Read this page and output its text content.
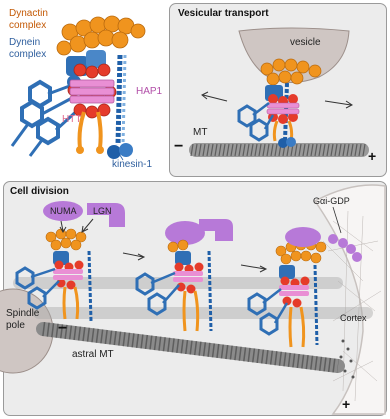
Dynactin
complex
Dynein
complex
HAP1
HTT
kinesin-1
Vesicular transport
vesicle
MT
−
+
Cell division
NUMA LGN
Gαi-GDP
Spindle
pole	−
astral MT
Cortex
+
